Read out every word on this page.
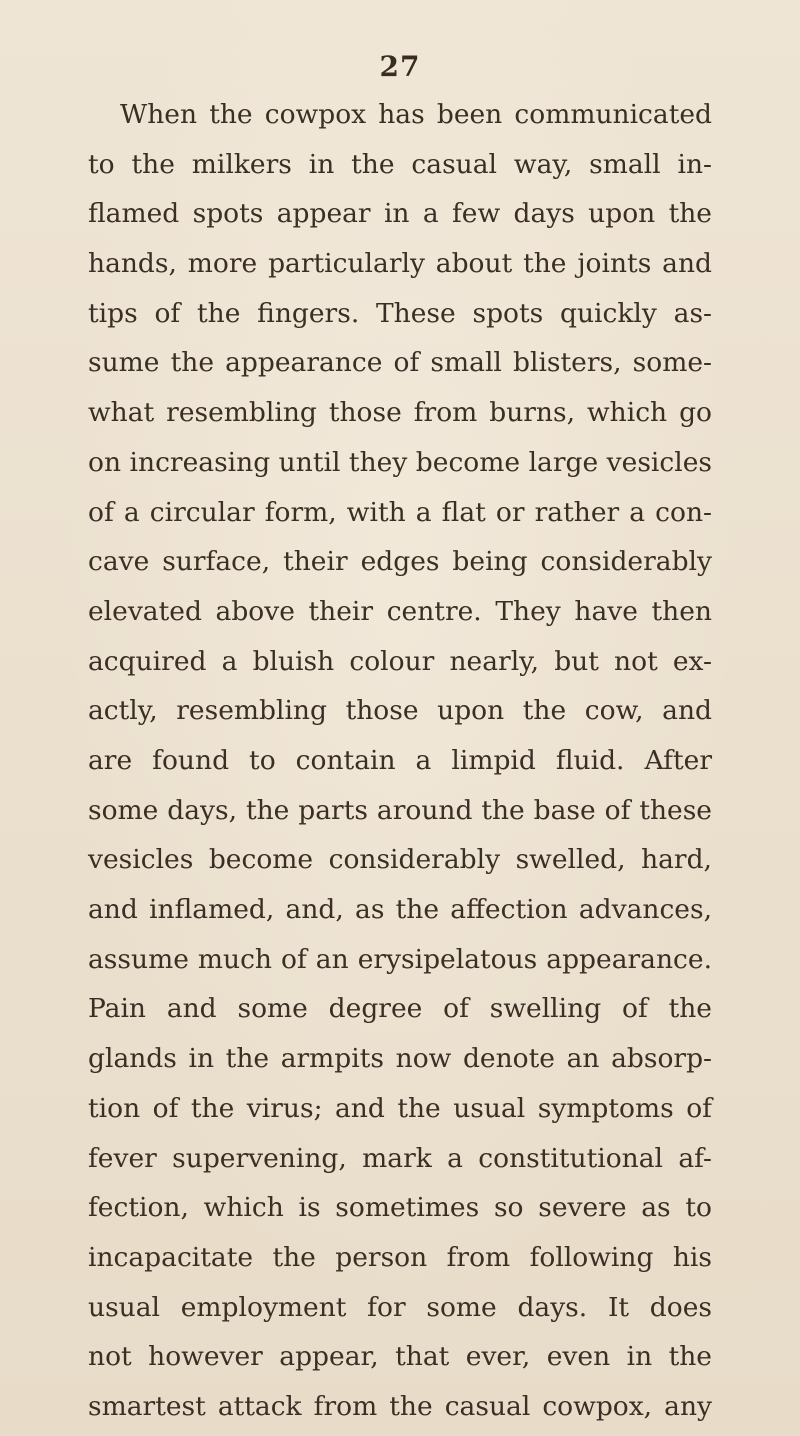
27
When the cowpox has been communicated
to the milkers in the casual way, small in-
flamed spots appear in a few days upon the
hands, more particularly about the joints and
tips of the fingers. These spots quickly as-
sume the appearance of small blisters, some-
what resembling those from burns, which go
on increasing until they become large vesicles
of a circular form, with a flat or rather a con-
cave surface, their edges being considerably
elevated above their centre. They have then
acquired a bluish colour nearly, but not ex-
actly, resembling those upon the cow, and
are found to contain a limpid fluid. After
some days, the parts around the base of these
vesicles become considerably swelled, hard,
and inflamed, and, as the affection advances,
assume much of an erysipelatous appearance.
Pain and some degree of swelling of the
glands in the armpits now denote an absorp-
tion of the virus; and the usual symptoms of
fever supervening, mark a constitutional af-
fection, which is sometimes so severe as to
incapacitate the person from following his
usual employment for some days. It does
not however appear, that ever, even in the
smartest attack from the casual cowpox, any
